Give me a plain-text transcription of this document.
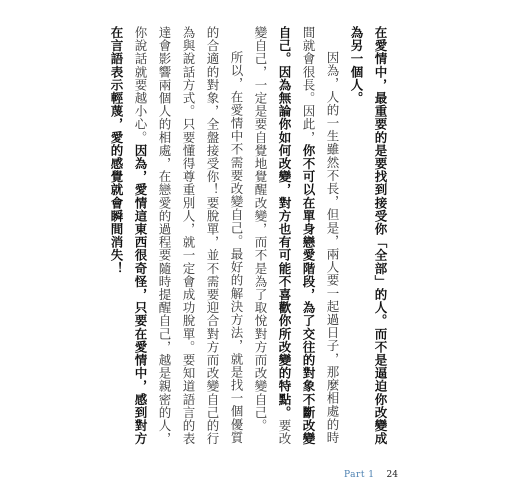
在愛情中，最重要的是要找到接受你「全部」的人。而不是逼迫你改變成為另一個人。

因為，人的一生雖然不長，但是，兩人要一起過日子，那麼相處的時間就會很長。因此，你不可以在單身戀愛階段，為了交往的對象不斷改變自己。因為無論你如何改變，對方也有可能不喜歡你所改變的特點。要改變自己，一定是要自覺地覺醒改變，而不是為了取悅對方而改變自己。

所以，在愛情中不需要改變自己。最好的解決方法，就是找一個優質的合適的對象，全盤接受你！要脫單，並不需要迎合對方而改變自己的行為與說話方式。只要懂得尊重別人，就一定會成功脫單。要知道語言的表達會影響兩個人的相處，在戀愛的過程要隨時提醒自己，越是親密的人，你說話就要越小心。因為，愛情這東西很奇怪，只要在愛情中，感到對方在言語表示輕蔑，愛的感覺就會瞬間消失！

Part 1 24
